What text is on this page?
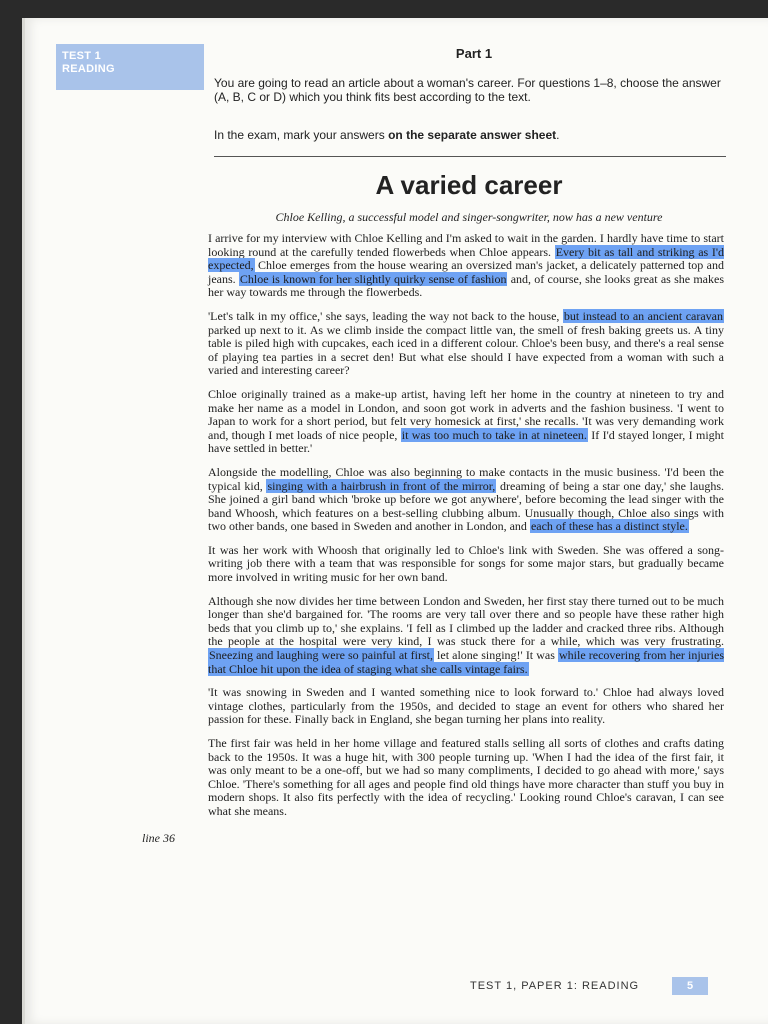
TEST 1
READING
Part 1
You are going to read an article about a woman's career. For questions 1–8, choose the answer (A, B, C or D) which you think fits best according to the text.
In the exam, mark your answers on the separate answer sheet.
A varied career
Chloe Kelling, a successful model and singer-songwriter, now has a new venture

I arrive for my interview with Chloe Kelling and I'm asked to wait in the garden. I hardly have time to start looking round at the carefully tended flowerbeds when Chloe appears. Every bit as tall and striking as I'd expected, Chloe emerges from the house wearing an oversized man's jacket, a delicately patterned top and jeans. Chloe is known for her slightly quirky sense of fashion and, of course, she looks great as she makes her way towards me through the flowerbeds.

'Let's talk in my office,' she says, leading the way not back to the house, but instead to an ancient caravan parked up next to it. As we climb inside the compact little van, the smell of fresh baking greets us. A tiny table is piled high with cupcakes, each iced in a different colour. Chloe's been busy, and there's a real sense of playing tea parties in a secret den! But what else should I have expected from a woman with such a varied and interesting career?

Chloe originally trained as a make-up artist, having left her home in the country at nineteen to try and make her name as a model in London, and soon got work in adverts and the fashion business. 'I went to Japan to work for a short period, but felt very homesick at first,' she recalls. 'It was very demanding work and, though I met loads of nice people, it was too much to take in at nineteen. If I'd stayed longer, I might have settled in better.'

Alongside the modelling, Chloe was also beginning to make contacts in the music business. 'I'd been the typical kid, singing with a hairbrush in front of the mirror, dreaming of being a star one day,' she laughs. She joined a girl band which 'broke up before we got anywhere', before becoming the lead singer with the band Whoosh, which features on a best-selling clubbing album. Unusually though, Chloe also sings with two other bands, one based in Sweden and another in London, and each of these has a distinct style.

It was her work with Whoosh that originally led to Chloe's link with Sweden. She was offered a song-writing job there with a team that was responsible for songs for some major stars, but gradually became more involved in writing music for her own band.

Although she now divides her time between London and Sweden, her first stay there turned out to be much longer than she'd bargained for. 'The rooms are very tall over there and so people have these rather high beds that you climb up to,' she explains. 'I fell as I climbed up the ladder and cracked three ribs. Although the people at the hospital were very kind, I was stuck there for a while, which was very frustrating. Sneezing and laughing were so painful at first, let alone singing!' It was while recovering from her injuries that Chloe hit upon the idea of staging what she calls vintage fairs.

'It was snowing in Sweden and I wanted something nice to look forward to.' Chloe had always loved vintage clothes, particularly from the 1950s, and decided to stage an event for others who shared her passion for these. Finally back in England, she began turning her plans into reality.

The first fair was held in her home village and featured stalls selling all sorts of clothes and crafts dating back to the 1950s. It was a huge hit, with 300 people turning up. 'When I had the idea of the first fair, it was only meant to be a one-off, but we had so many compliments, I decided to go ahead with more,' says Chloe. 'There's something for all ages and people find old things have more character than stuff you buy in modern shops. It also fits perfectly with the idea of recycling.' Looking round Chloe's caravan, I can see what she means.

line 36
TEST 1, PAPER 1: READING	5
